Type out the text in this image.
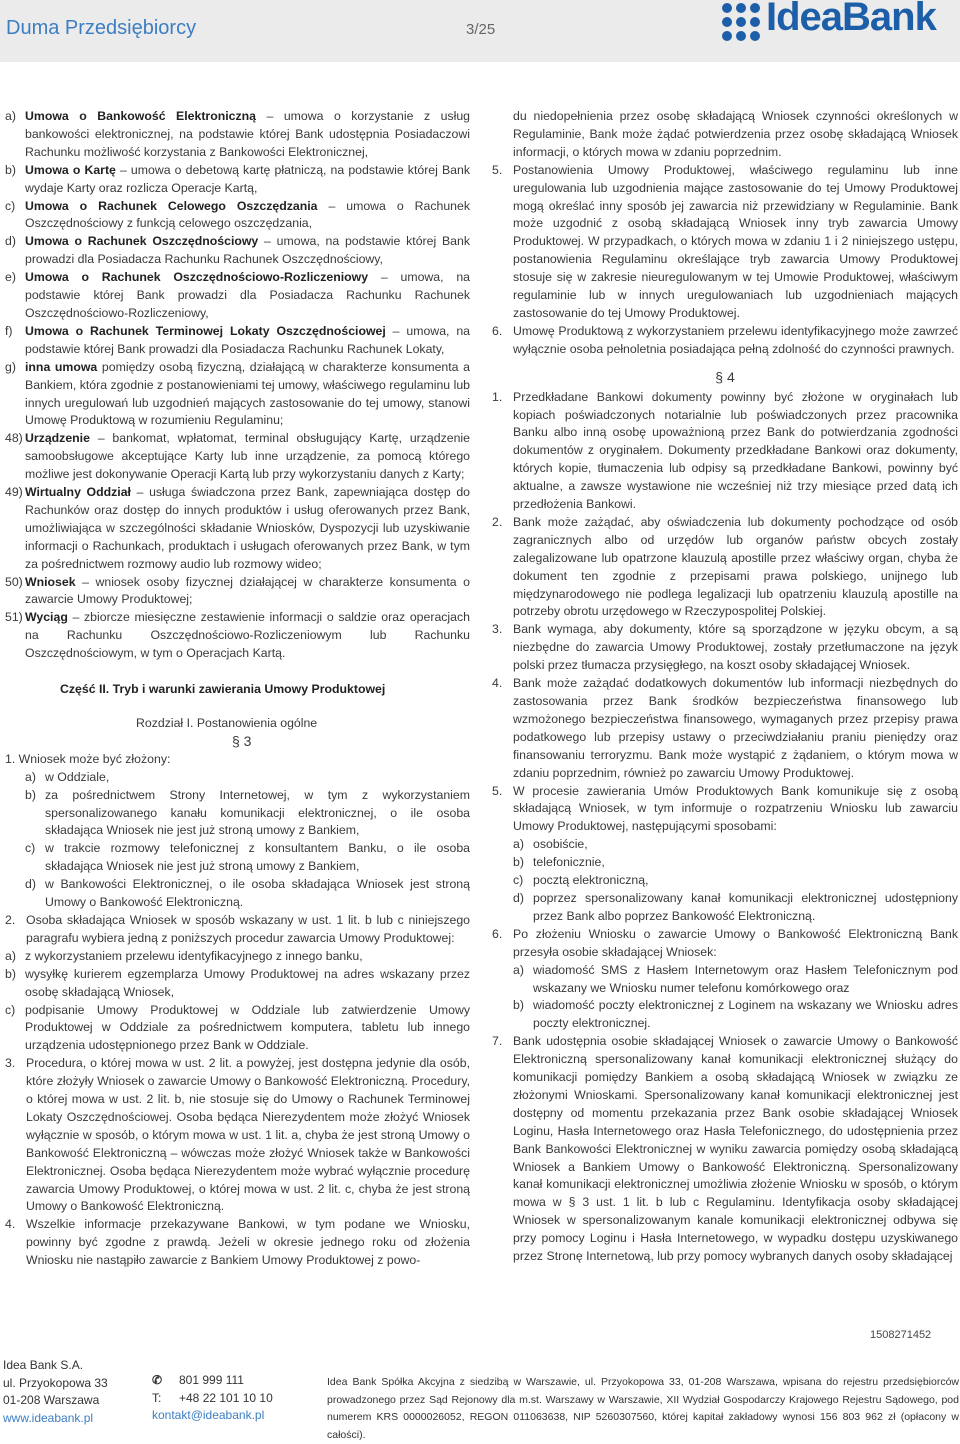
Duma Przedsiębiorcy	3/25	IdeaBank
a) Umowa o Bankowość Elektroniczną – umowa o korzystanie z usług bankowości elektronicznej, na podstawie której Bank udostępnia Posiadaczowi Rachunku możliwość korzystania z Bankowości Elektronicznej,
b) Umowa o Kartę – umowa o debetową kartę płatniczą, na podstawie której Bank wydaje Karty oraz rozlicza Operacje Kartą,
c) Umowa o Rachunek Celowego Oszczędzania – umowa o Rachunek Oszczędnościowy z funkcją celowego oszczędzania,
d) Umowa o Rachunek Oszczędnościowy – umowa, na podstawie której Bank prowadzi dla Posiadacza Rachunku Rachunek Oszczędnościowy,
e) Umowa o Rachunek Oszczędnościowo-Rozliczeniowy – umowa, na podstawie której Bank prowadzi dla Posiadacza Rachunku Rachunek Oszczędnościowo-Rozliczeniowy,
f)	Umowa o Rachunek Terminowej Lokaty Oszczędnościowej – umowa, na podstawie której Bank prowadzi dla Posiadacza Rachunku Rachunek Lokaty,
g) inna umowa pomiędzy osobą fizyczną, działającą w charakterze konsumenta a Bankiem, która zgodnie z postanowieniami tej umowy, właściwego regulaminu lub innych uregulowań lub uzgodnień mających zastosowanie do tej umowy, stanowi Umowę Produktową w rozumieniu Regulaminu;
48) Urządzenie – bankomat, wpłatomat, terminal obsługujący Kartę, urządzenie samoobsługowe akceptujące Karty lub inne urządzenie, za pomocą którego możliwe jest dokonywanie Operacji Kartą lub przy wykorzystaniu danych z Karty;
49) Wirtualny Oddział – usługa świadczona przez Bank, zapewniająca dostęp do Rachunków oraz dostęp do innych produktów i usług oferowanych przez Bank, umożliwiająca w szczególności składanie Wniosków, Dyspozycji lub uzyskiwanie informacji o Rachunkach, produktach i usługach oferowanych przez Bank, w tym za pośrednictwem rozmowy audio lub rozmowy wideo;
50) Wniosek – wniosek osoby fizycznej działającej w charakterze konsumenta o zawarcie Umowy Produktowej;
51) Wyciąg – zbiorcze miesięczne zestawienie informacji o saldzie oraz operacjach na Rachunku Oszczędnościowo-Rozliczeniowym lub Rachunku Oszczędnościowym, w tym o Operacjach Kartą.

Część II. Tryb i warunki zawierania Umowy Produktowej

Rozdział I. Postanowienia ogólne

§ 3

1. Wniosek może być złożony:

a) w Oddziale,
b) za pośrednictwem Strony Internetowej, w tym z wykorzystaniem spersonalizowanego kanału komunikacji elektronicznej, o ile osoba składająca Wniosek nie jest już stroną umowy z Bankiem,
c) w trakcie rozmowy telefonicznej z konsultantem Banku, o ile osoba składająca Wniosek nie jest już stroną umowy z Bankiem,
d) w Bankowości Elektronicznej, o ile osoba składająca Wniosek jest stroną Umowy o Bankowość Elektroniczną.
2. Osoba składająca Wniosek w sposób wskazany w ust. 1 lit. b lub c niniejszego paragrafu wybiera jedną z poniższych procedur zawarcia Umowy Produktowej:
a) z wykorzystaniem przelewu identyfikacyjnego z innego banku,
b) wysyłkę kurierem egzemplarza Umowy Produktowej na adres wskazany przez osobę składającą Wniosek,
c) podpisanie Umowy Produktowej w Oddziale lub zatwierdzenie Umowy Produktowej w Oddziale za pośrednictwem komputera, tabletu lub innego urządzenia udostępnionego przez Bank w Oddziale.
3. Procedura, o której mowa w ust. 2 lit. a powyżej, jest dostępna jedynie dla osób, które złożyły Wniosek o zawarcie Umowy o Bankowość Elektroniczną. Procedury, o której mowa w ust. 2 lit. b, nie stosuje się do Umowy o Rachunek Terminowej Lokaty Oszczędnościowej. Osoba będąca Nierezydentem może złożyć Wniosek wyłącznie w sposób, o którym mowa w ust. 1 lit. a, chyba że jest stroną Umowy o Bankowość Elektroniczną – wówczas może złożyć Wniosek także w Bankowości Elektronicznej. Osoba będąca Nierezydentem może wybrać wyłącznie procedurę zawarcia Umowy Produktowej, o której mowa w ust. 2 lit. c, chyba że jest stroną Umowy o Bankowość Elektroniczną.
4. Wszelkie informacje przekazywane Bankowi, w tym podane we Wniosku, powinny być zgodne z prawdą. Jeżeli w okresie jednego roku od złożenia Wniosku nie nastąpiło zawarcie z Bankiem Umowy Produktowej z powo-

du niedopełnienia przez osobę składającą Wniosek czynności określonych w Regulaminie, Bank może żądać potwierdzenia przez osobę składającą Wniosek informacji, o których mowa w zdaniu poprzednim.

5. Postanowienia Umowy Produktowej, właściwego regulaminu lub inne uregulowania lub uzgodnienia mające zastosowanie do tej Umowy Produktowej mogą określać inny sposób jej zawarcia niż przewidziany w Regulaminie. Bank może uzgodnić z osobą składającą Wniosek inny tryb zawarcia Umowy Produktowej. W przypadkach, o których mowa w zdaniu 1 i 2 niniejszego ustępu, postanowienia Regulaminu określające tryb zawarcia Umowy Produktowej stosuje się w zakresie nieuregulowanym w tej Umowie Produktowej, właściwym regulaminie lub w innych uregulowaniach lub uzgodnieniach mających zastosowanie do tej Umowy Produktowej.
6. Umowę Produktową z wykorzystaniem przelewu identyfikacyjnego może zawrzeć wyłącznie osoba pełnoletnia posiadająca pełną zdolność do czynności prawnych.

§ 4

1. Przedkładane Bankowi dokumenty powinny być złożone w oryginałach lub kopiach poświadczonych notarialnie lub poświadczonych przez pracownika Banku albo inną osobę upoważnioną przez Bank do potwierdzania zgodności dokumentów z oryginałem. Dokumenty przedkładane Bankowi oraz dokumenty, których kopie, tłumaczenia lub odpisy są przedkładane Bankowi, powinny być aktualne, a zawsze wystawione nie wcześniej niż trzy miesiące przed datą ich przedłożenia Bankowi.
2. Bank może zażądać, aby oświadczenia lub dokumenty pochodzące od osób zagranicznych albo od urzędów lub organów państw obcych zostały zalegalizowane lub opatrzone klauzulą apostille przez właściwy organ, chyba że dokument ten zgodnie z przepisami prawa polskiego, unijnego lub międzynarodowego nie podlega legalizacji lub opatrzeniu klauzulą apostille na potrzeby obrotu urzędowego w Rzeczypospolitej Polskiej.
3. Bank wymaga, aby dokumenty, które są sporządzone w języku obcym, a są niezbędne do zawarcia Umowy Produktowej, zostały przetłumaczone na język polski przez tłumacza przysięgłego, na koszt osoby składającej Wniosek.
4. Bank może zażądać dodatkowych dokumentów lub informacji niezbędnych do zastosowania przez Bank środków bezpieczeństwa finansowego lub wzmożonego bezpieczeństwa finansowego, wymaganych przez przepisy prawa podatkowego lub przepisy ustawy o przeciwdziałaniu praniu pieniędzy oraz finansowaniu terroryzmu. Bank może wystąpić z żądaniem, o którym mowa w zdaniu poprzednim, również po zawarciu Umowy Produktowej.
5. W procesie zawierania Umów Produktowych Bank komunikuje się z osobą składającą Wniosek, w tym informuje o rozpatrzeniu Wniosku lub zawarciu Umowy Produktowej, następującymi sposobami:
a) osobiście,
b) telefonicznie,
c) pocztą elektroniczną,
d) poprzez spersonalizowany kanał komunikacji elektronicznej udostępniony przez Bank albo poprzez Bankowość Elektroniczną.
6. Po złożeniu Wniosku o zawarcie Umowy o Bankowość Elektroniczną Bank przesyła osobie składającej Wniosek:
a) wiadomość SMS z Hasłem Internetowym oraz Hasłem Telefonicznym pod wskazany we Wniosku numer telefonu komórkowego oraz
b) wiadomość poczty elektronicznej z Loginem na wskazany we Wniosku adres poczty elektronicznej.
7. Bank udostępnia osobie składającej Wniosek o zawarcie Umowy o Bankowość Elektroniczną spersonalizowany kanał komunikacji elektronicznej służący do komunikacji pomiędzy Bankiem a osobą składającą Wniosek w związku ze złożonymi Wnioskami. Spersonalizowany kanał komunikacji elektronicznej jest dostępny od momentu przekazania przez Bank osobie składającej Wniosek Loginu, Hasła Internetowego oraz Hasła Telefonicznego, do udostępnienia przez Bank Bankowości Elektronicznej w wyniku zawarcia pomiędzy osobą składającą Wniosek a Bankiem Umowy o Bankowość Elektroniczną. Spersonalizowany kanał komunikacji elektronicznej umożliwia złożenie Wniosku w sposób, o którym mowa w § 3 ust. 1 lit. b lub c Regulaminu. Identyfikacja osoby składającej Wniosek w spersonalizowanym kanale komunikacji elektronicznej odbywa się przy pomocy Loginu i Hasła Internetowego, w wypadku dostępu uzyskiwanego przez Stronę Internetową, lub przy pomocy wybranych danych osoby składającej
1508271452
Idea Bank S.A.
ul. Przyokopowa 33
01-208 Warszawa
www.ideabank.pl
✆	801 999 111
T:	+48 22 101 10 10
kontakt@ideabank.pl
Idea Bank Spółka Akcyjna z siedzibą w Warszawie, ul. Przyokopowa 33, 01-208 Warszawa, wpisana do rejestru przedsiębiorców prowadzonego przez Sąd Rejonowy dla m.st. Warszawy w Warszawie, XII Wydział Gospodarczy Krajowego Rejestru Sądowego, pod numerem KRS 0000026052, REGON 011063638, NIP 5260307560, której kapitał zakładowy wynosi 156 803 962 zł (opłacony w całości).
